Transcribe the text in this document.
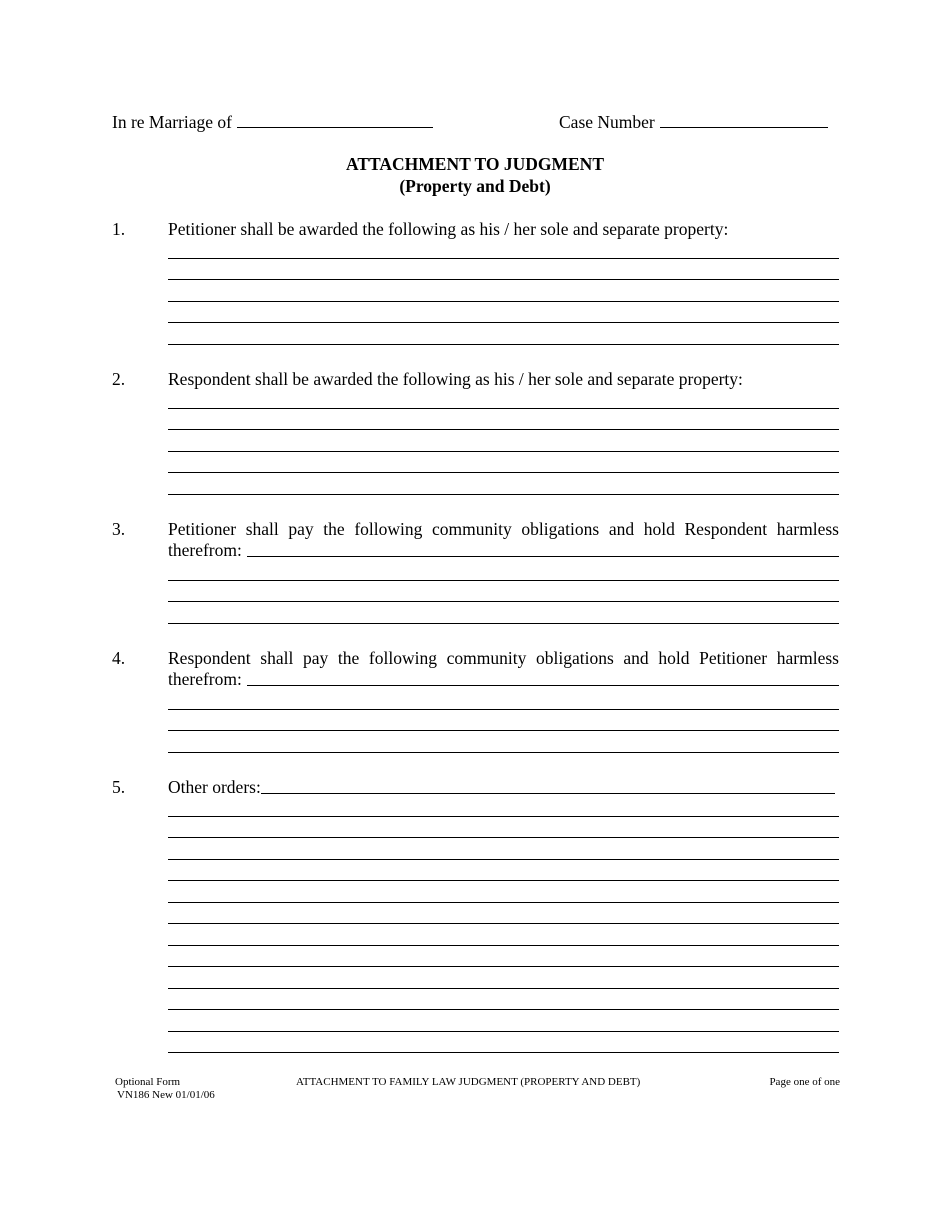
In re Marriage of	Case Number
ATTACHMENT TO JUDGMENT
(Property and Debt)
1. Petitioner shall be awarded the following as his / her sole and separate property:
2. Respondent shall be awarded the following as his / her sole and separate property:
3. Petitioner shall pay the following community obligations and hold Respondent harmless
therefrom:
4. Respondent shall pay the following community obligations and hold Petitioner harmless
therefrom:
5. Other orders:
Optional Form
VN186 New 01/01/06
ATTACHMENT TO FAMILY LAW JUDGMENT (PROPERTY AND DEBT)	Page one of one
